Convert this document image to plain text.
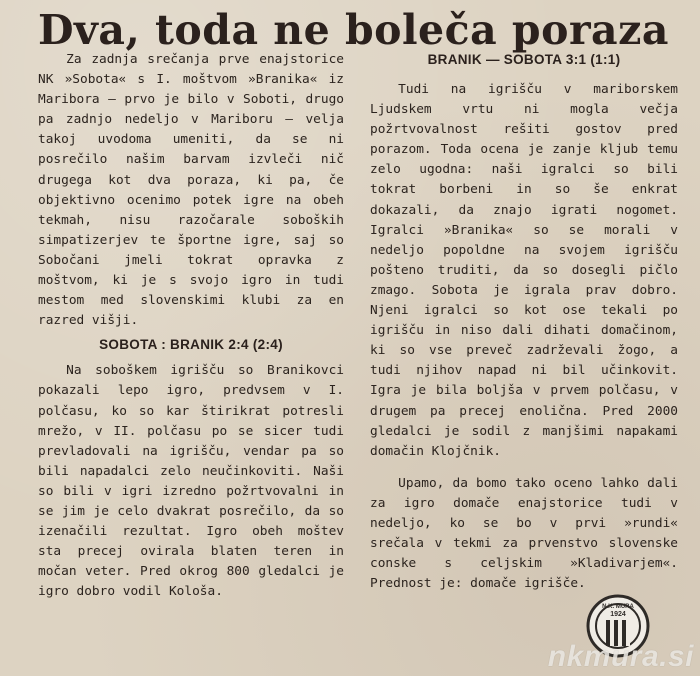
Dva, toda ne boleča poraza

Za zadnja srečanja prve enajstorice NK »Sobota« s I. moštvom »Branika« iz Maribora — prvo je bilo v Soboti, drugo pa zadnjo nedeljo v Mariboru — velja takoj uvodoma umeniti, da se ni posrečilo našim barvam izvleči nič drugega kot dva poraza, ki pa, če objektivno ocenimo potek igre na obeh tekmah, nisu razočarale soboških simpatizerjev te športne igre, saj so Sobočani jmeli tokrat opravka z moštvom, ki je s svojo igro in tudi mestom med slovenskimi klubi za en razred višji.

SOBOTA : BRANIK 2:4 (2:4)

Na soboškem igrišču so Branikovci pokazali lepo igro, predvsem v I. polčasu, ko so kar štirikrat potresli mrežo, v II. polčasu po se sicer tudi prevladovali na igrišču, vendar pa so bili napadalci zelo neučinkoviti. Naši so bili v igri izredno požrtvovalni in se jim je celo dvakrat posrečilo, da so izenačili rezultat. Igro obeh moštev sta precej ovirala blaten teren in močan veter. Pred okrog 800 gledalci je igro dobro vodil Kološa.

BRANIK — SOBOTA 3:1 (1:1)

Tudi na igrišču v mariborskem Ljudskem vrtu ni mogla večja požrtvovalnost rešiti gostov pred porazom. Toda ocena je zanje kljub temu zelo ugodna: naši igralci so bili tokrat borbeni in so še enkrat dokazali, da znajo igrati nogomet. Igralci »Branika« so se morali v nedeljo popoldne na svojem igrišču pošteno truditi, da so dosegli pičlo zmago. Sobota je igrala prav dobro. Njeni igralci so kot ose tekali po igrišču in niso dali dihati domačinom, ki so vse preveč zadrževali žogo, a tudi njihov napad ni bil učinkovit. Igra je bila boljša v prvem polčasu, v drugem pa precej enolična. Pred 2000 gledalci je sodil z manjšimi napakami domačin Klojčnik.

Upamo, da bomo tako oceno lahko dali za igro domače enajstorice tudi v nedeljo, ko se bo v prvi »rundi« srečala v tekmi za prvenstvo slovenske conske s celjskim »Kladivarjem«. Prednost je: domače igrišče.

1924
N.K. MURA
nkmura.si
